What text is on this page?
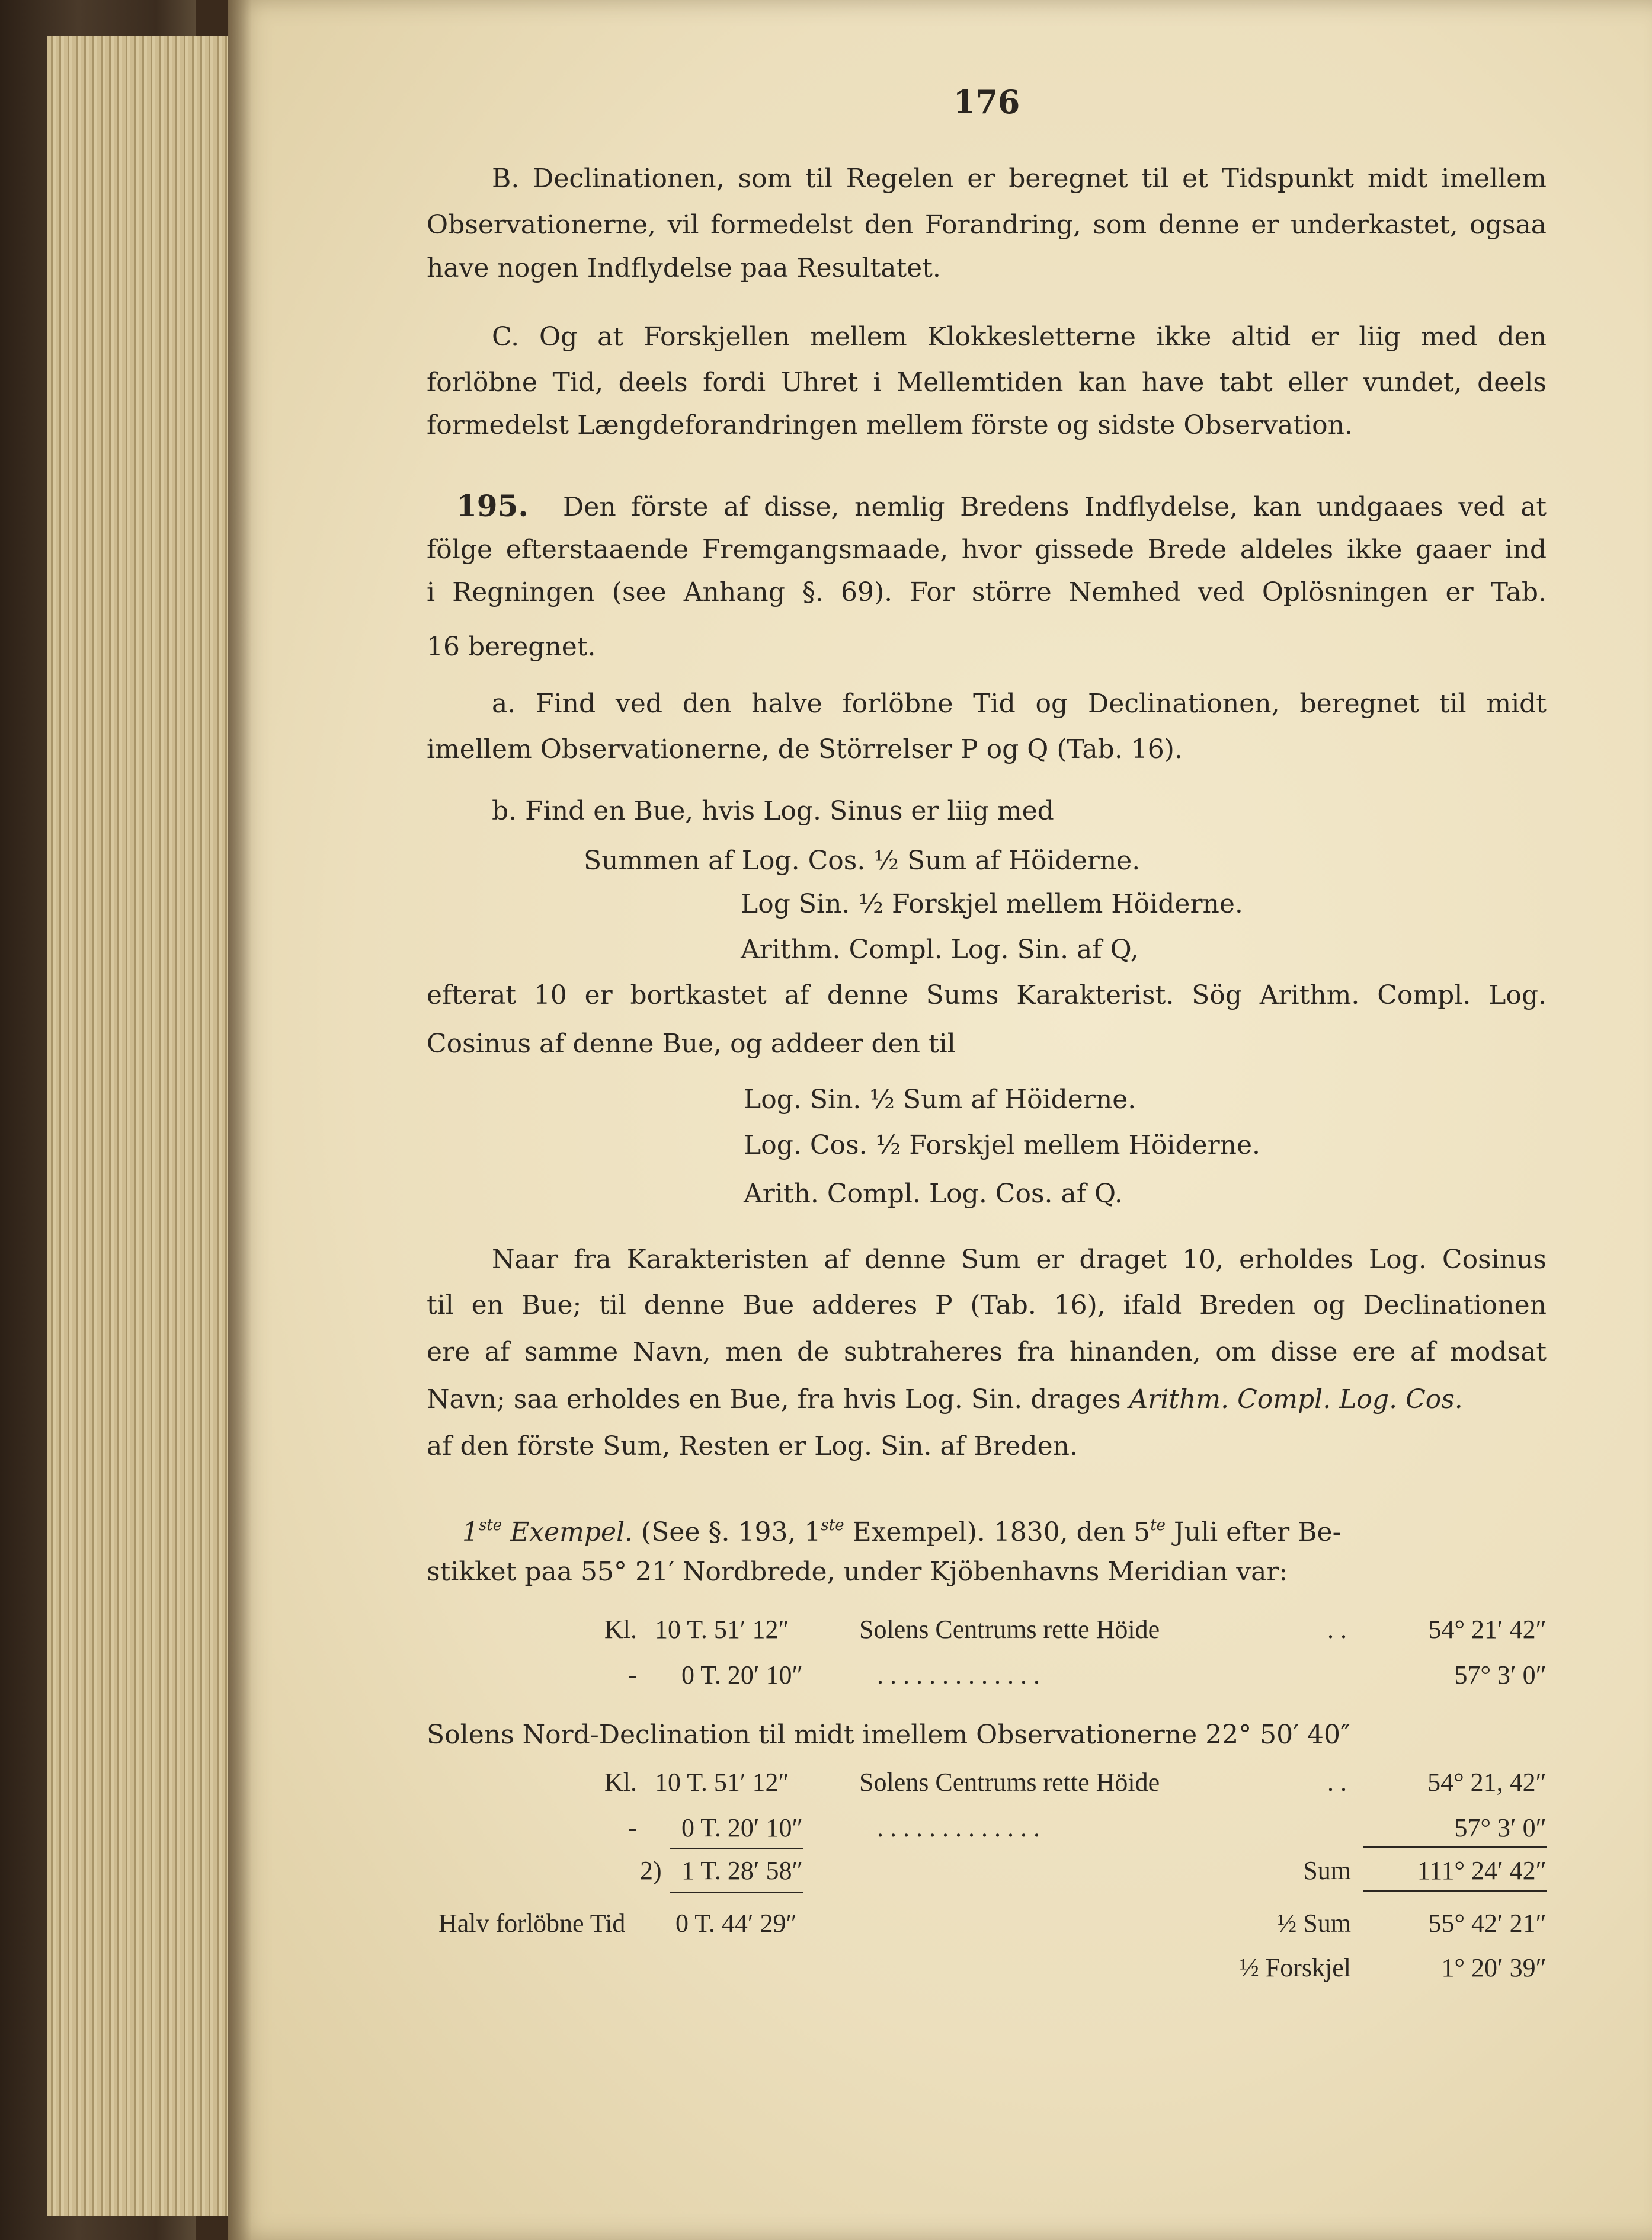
176
B. Declinationen, som til Regelen er beregnet til et Tidspunkt midt imellem
Observationerne, vil formedelst den Forandring, som denne er underkastet, ogsaa
have nogen Indflydelse paa Resultatet.
C. Og at Forskjellen mellem Klokkesletterne ikke altid er liig med den
forlöbne Tid, deels fordi Uhret i Mellemtiden kan have tabt eller vundet, deels
formedelst Længdeforandringen mellem förste og sidste Observation.
195.	Den förste af disse, nemlig Bredens Indflydelse, kan undgaaes ved at
fölge efterstaaende Fremgangsmaade, hvor gissede Brede aldeles ikke gaaer ind
i Regningen (see Anhang §. 69). For större Nemhed ved Oplösningen er Tab.
16 beregnet.
a. Find ved den halve forlöbne Tid og Declinationen, beregnet til midt
imellem Observationerne, de Störrelser P og Q (Tab. 16).
b. Find en Bue, hvis Log. Sinus er liig med
Summen af Log. Cos. ½ Sum af Höiderne.
Log Sin. ½ Forskjel mellem Höiderne.
Arithm. Compl. Log. Sin. af Q,
efterat 10 er bortkastet af denne Sums Karakterist. Sög Arithm. Compl. Log.
Cosinus af denne Bue, og addeer den til
Log. Sin. ½ Sum af Höiderne.
Log. Cos. ½ Forskjel mellem Höiderne.
Arith. Compl. Log. Cos. af Q.
Naar fra Karakteristen af denne Sum er draget 10, erholdes Log. Cosinus
til en Bue; til denne Bue adderes P (Tab. 16), ifald Breden og Declinationen
ere af samme Navn, men de subtraheres fra hinanden, om disse ere af modsat
Navn; saa erholdes en Bue, fra hvis Log. Sin. drages Arithm. Compl. Log. Cos.
af den förste Sum, Resten er Log. Sin. af Breden.
1ste Exempel. (See §. 193, 1ste Exempel). 1830, den $5^{te}$ Juli efter Be-
stikket paa 55° 21′ Nordbrede, under Kjöbenhavns Meridian var:
Kl. 10 T. 51′ 12″	Solens Centrums rette Höide	. .	54° 21′ 42″
- 0 T. 20′ 10″	. . . . . . . . . . . . .	57° 3′ 0″
Solens Nord-Declination til midt imellem Observationerne 22° 50′ 40″
Kl. 10 T. 51′ 12″	Solens Centrums rette Höide	. .	54° 21, 42″
- 0 T. 20′ 10″	. . . . . . . . . . . . .	57° 3′ 0″
2) 1 T. 28′ 58″	Sum	111° 24′ 42″
Halv forlöbne Tid 0 T. 44′ 29″	½ Sum	55° 42′ 21″
½ Forskjel	1° 20′ 39″
